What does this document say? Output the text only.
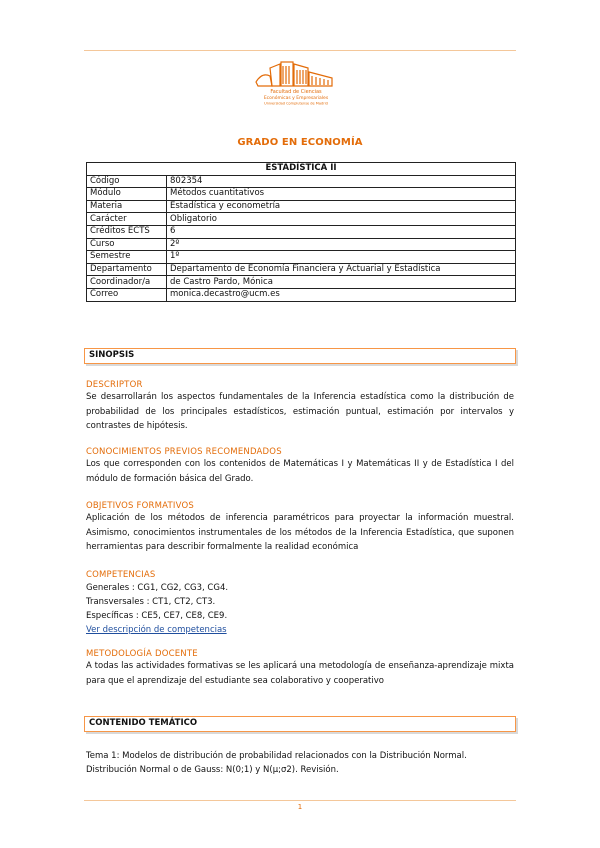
Facultad de Ciencias
Económicas y Empresariales
Universidad Complutense de Madrid
GRADO EN ECONOMÍA
ESTADÍSTICA II	
Código	802354
Módulo	Métodos cuantitativos
Materia	Estadística y econometría
Carácter	Obligatorio
Créditos ECTS	6
Curso	2º
Semestre	1º
Departamento	Departamento de Economía Financiera y Actuarial y Estadística
Coordinador/a	de Castro Pardo, Mónica
Correo	monica.decastro@ucm.es
SINOPSIS
DESCRIPTOR
Se desarrollarán los aspectos fundamentales de la Inferencia estadística como la distribución de probabilidad de los principales estadísticos, estimación puntual, estimación por intervalos y contrastes de hipótesis.
CONOCIMIENTOS PREVIOS RECOMENDADOS
Los que corresponden con los contenidos de Matemáticas I y Matemáticas II y de Estadística I del módulo de formación básica del Grado.
OBJETIVOS FORMATIVOS
Aplicación de los métodos de inferencia paramétricos para proyectar la información muestral. Asimismo, conocimientos instrumentales de los métodos de la Inferencia Estadística, que suponen herramientas para describir formalmente la realidad económica
COMPETENCIAS
Generales : CG1, CG2, CG3, CG4.
Transversales : CT1, CT2, CT3.
Específicas : CE5, CE7, CE8, CE9.
Ver descripción de competencias
METODOLOGÍA DOCENTE
A todas las actividades formativas se les aplicará una metodología de enseñanza-aprendizaje mixta para que el aprendizaje del estudiante sea colaborativo y cooperativo
CONTENIDO TEMÁTICO
Tema 1: Modelos de distribución de probabilidad relacionados con la Distribución Normal.
Distribución Normal o de Gauss: N(0;1) y N(μ;σ2). Revisión.
1
